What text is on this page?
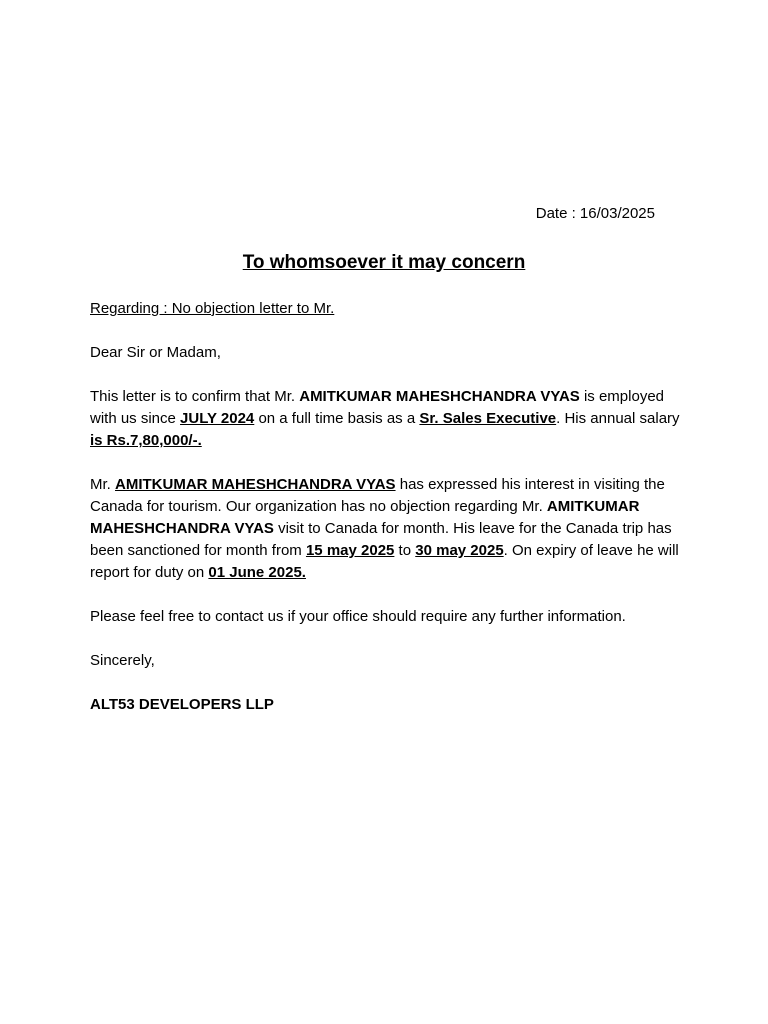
Date : 16/03/2025
To whomsoever it may concern

Regarding : No objection letter to Mr.

Dear Sir or Madam,

This letter is to confirm that Mr. AMITKUMAR MAHESHCHANDRA VYAS is employed with us since JULY 2024 on a full time basis as a Sr. Sales Executive. His annual salary is Rs.7,80,000/-.

Mr. AMITKUMAR MAHESHCHANDRA VYAS has expressed his interest in visiting the Canada for tourism. Our organization has no objection regarding Mr. AMITKUMAR MAHESHCHANDRA VYAS visit to Canada for month. His leave for the Canada trip has been sanctioned for month from 15 may 2025 to 30 may 2025. On expiry of leave he will report for duty on 01 June 2025.

Please feel free to contact us if your office should require any further information.

Sincerely,

ALT53 DEVELOPERS LLP
